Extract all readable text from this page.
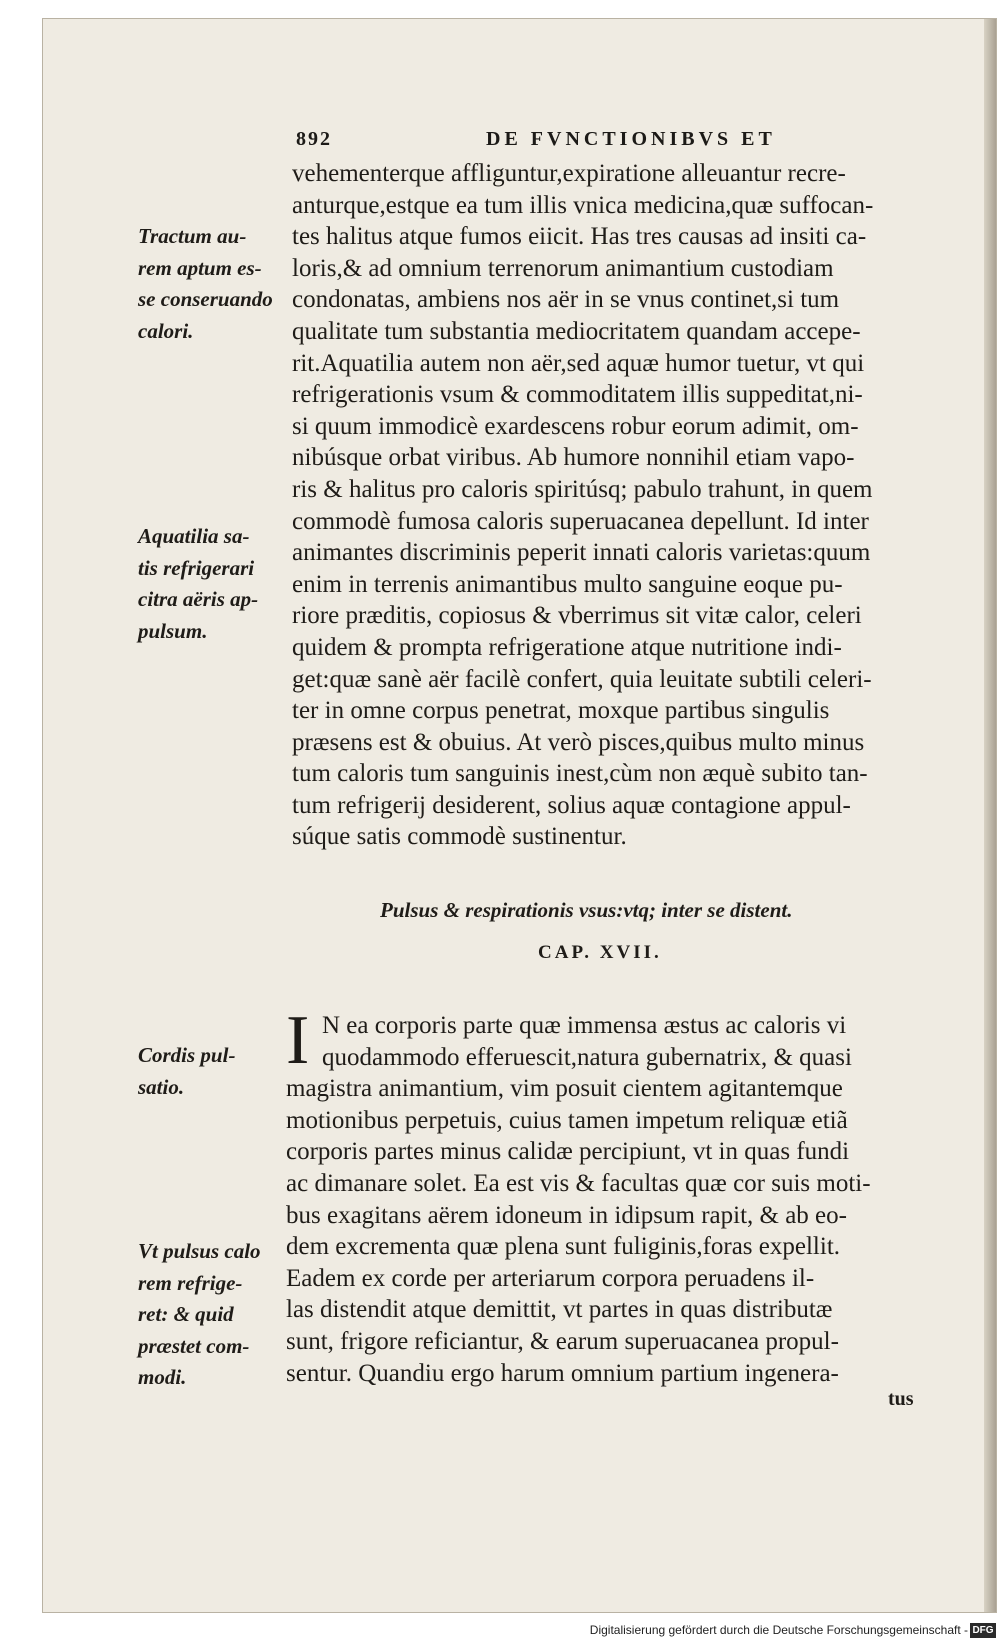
892	DE FVNCTIONIBVS ET
vehementerque affliguntur,expiratione alleuantur recre-
anturque,estque ea tum illis vnica medicina,quæ suffocan-
tes halitus atque fumos eiicit. Has tres causas ad insiti ca-
loris,& ad omnium terrenorum animantium custodiam
condonatas, ambiens nos aër in se vnus continet,si tum
qualitate tum substantia mediocritatem quandam accepe-
rit.Aquatilia autem non aër,sed aquæ humor tuetur, vt qui
refrigerationis vsum & commoditatem illis suppeditat,ni-
si quum immodicè exardescens robur eorum adimit, om-
nibúsque orbat viribus. Ab humore nonnihil etiam vapo-
ris & halitus pro caloris spiritúsq; pabulo trahunt, in quem
commodè fumosa caloris superuacanea depellunt. Id inter
animantes discriminis peperit innati caloris varietas:quum
enim in terrenis animantibus multo sanguine eoque pu-
riore præditis, copiosus & vberrimus sit vitæ calor, celeri
quidem & prompta refrigeratione atque nutritione indi-
get:quæ sanè aër facilè confert, quia leuitate subtili celeri-
ter in omne corpus penetrat, moxque partibus singulis
præsens est & obuius. At verò pisces,quibus multo minus
tum caloris tum sanguinis inest,cùm non æquè subito tan-
tum refrigerij desiderent, solius aquæ contagione appul-
súque satis commodè sustinentur.
Tractum au-
rem aptum es-
se conseruando
calori.
Aquatilia sa-
tis refrigerari
citra aëris ap-
pulsum.
Pulsus & respirationis vsus:vtq; inter se distent.
CAP. XVII.
I N ea corporis parte quæ immensa æstus ac caloris vi
quodammodo efferuescit,natura gubernatrix, & quasi
magistra animantium, vim posuit cientem agitantemque
motionibus perpetuis, cuius tamen impetum reliquæ etiã
corporis partes minus calidæ percipiunt, vt in quas fundi
ac dimanare solet. Ea est vis & facultas quæ cor suis moti-
bus exagitans aërem idoneum in idipsum rapit, & ab eo-
dem excrementa quæ plena sunt fuliginis,foras expellit.
Eadem ex corde per arteriarum corpora peruadens il-
las distendit atque demittit, vt partes in quas distributæ
sunt, frigore reficiantur, & earum superuacanea propul-
sentur. Quandiu ergo harum omnium partium ingenera-
Cordis pul-
satio.
Vt pulsus calo
rem refrige-
ret: & quid
præstet com-
modi.
tus
Digitalisierung gefördert durch die Deutsche Forschungsgemeinschaft - DFG
